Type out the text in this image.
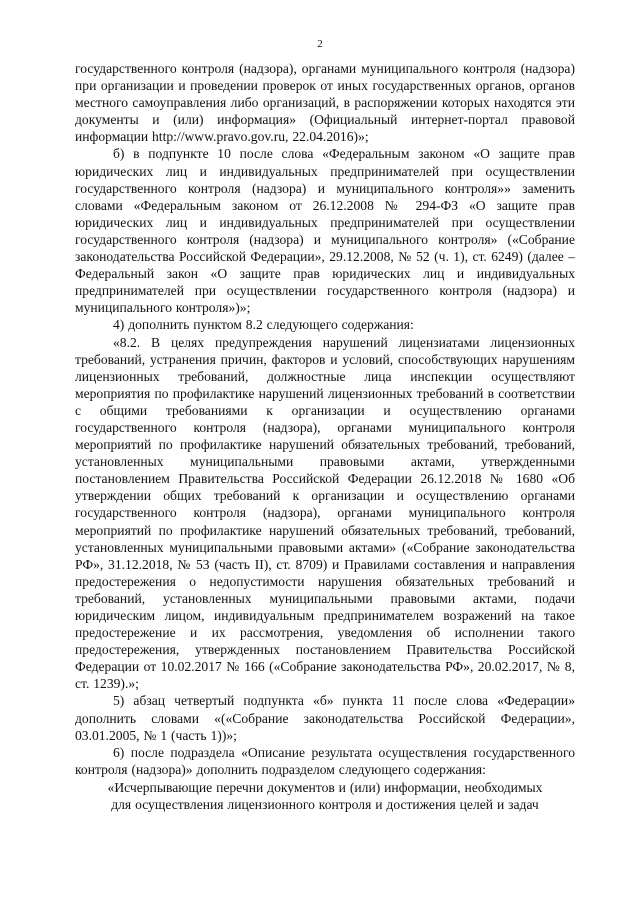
2

государственного контроля (надзора), органами муниципального контроля (надзора) при организации и проведении проверок от иных государственных органов, органов местного самоуправления либо организаций, в распоряжении которых находятся эти документы и (или) информация» (Официальный интернет-портал правовой информации http://www.pravo.gov.ru, 22.04.2016)»;

б) в подпункте 10 после слова «Федеральным законом «О защите прав юридических лиц и индивидуальных предпринимателей при осуществлении государственного контроля (надзора) и муниципального контроля»» заменить словами «Федеральным законом от 26.12.2008 № 294-ФЗ «О защите прав юридических лиц и индивидуальных предпринимателей при осуществлении государственного контроля (надзора) и муниципального контроля» («Собрание законодательства Российской Федерации», 29.12.2008, № 52 (ч. 1), ст. 6249) (далее – Федеральный закон «О защите прав юридических лиц и индивидуальных предпринимателей при осуществлении государственного контроля (надзора) и муниципального контроля»)»;

4) дополнить пунктом 8.2 следующего содержания:

«8.2. В целях предупреждения нарушений лицензиатами лицензионных требований, устранения причин, факторов и условий, способствующих нарушениям лицензионных требований, должностные лица инспекции осуществляют мероприятия по профилактике нарушений лицензионных требований в соответствии с общими требованиями к организации и осуществлению органами государственного контроля (надзора), органами муниципального контроля мероприятий по профилактике нарушений обязательных требований, требований, установленных муниципальными правовыми актами, утвержденными постановлением Правительства Российской Федерации 26.12.2018 № 1680 «Об утверждении общих требований к организации и осуществлению органами государственного контроля (надзора), органами муниципального контроля мероприятий по профилактике нарушений обязательных требований, требований, установленных муниципальными правовыми актами» («Собрание законодательства РФ», 31.12.2018, № 53 (часть II), ст. 8709) и Правилами составления и направления предостережения о недопустимости нарушения обязательных требований и требований, установленных муниципальными правовыми актами, подачи юридическим лицом, индивидуальным предпринимателем возражений на такое предостережение и их рассмотрения, уведомления об исполнении такого предостережения, утвержденных постановлением Правительства Российской Федерации от 10.02.2017 № 166 («Собрание законодательства РФ», 20.02.2017, № 8, ст. 1239).»;

5) абзац четвертый подпункта «б» пункта 11 после слова «Федерации» дополнить словами «(«Собрание законодательства Российской Федерации», 03.01.2005, № 1 (часть 1))»;

6) после подраздела «Описание результата осуществления государственного контроля (надзора)» дополнить подразделом следующего содержания:

«Исчерпывающие перечни документов и (или) информации, необходимых
для осуществления лицензионного контроля и достижения целей и задач
